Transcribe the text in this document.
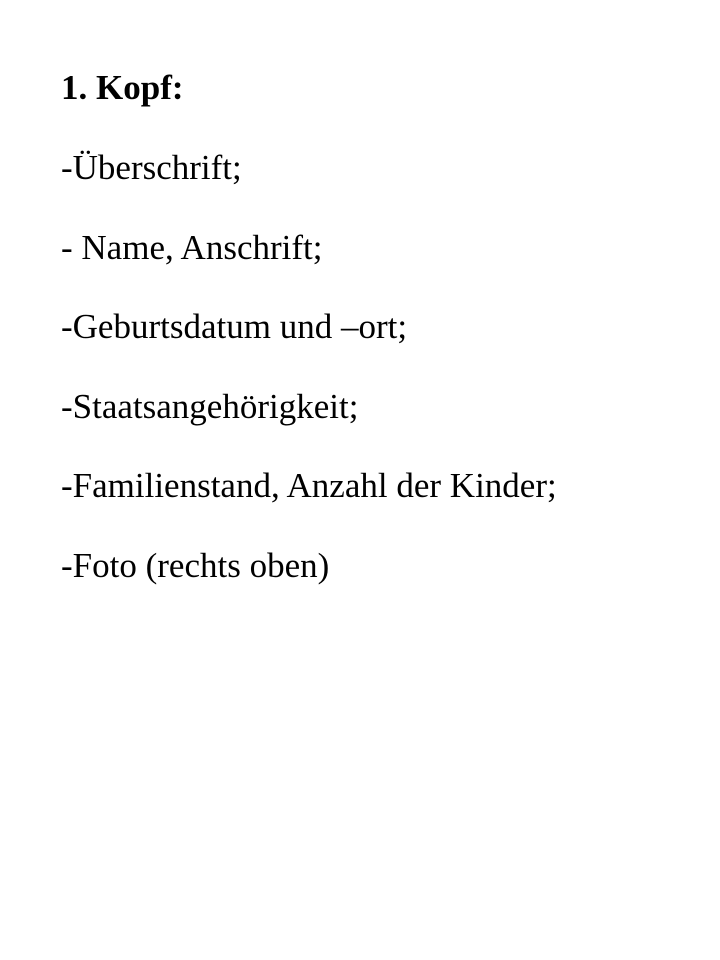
1. Kopf:
-Überschrift;
- Name, Anschrift;
-Geburtsdatum und –ort;
-Staatsangehörigkeit;
-Familienstand, Anzahl der Kinder;
-Foto (rechts oben)
